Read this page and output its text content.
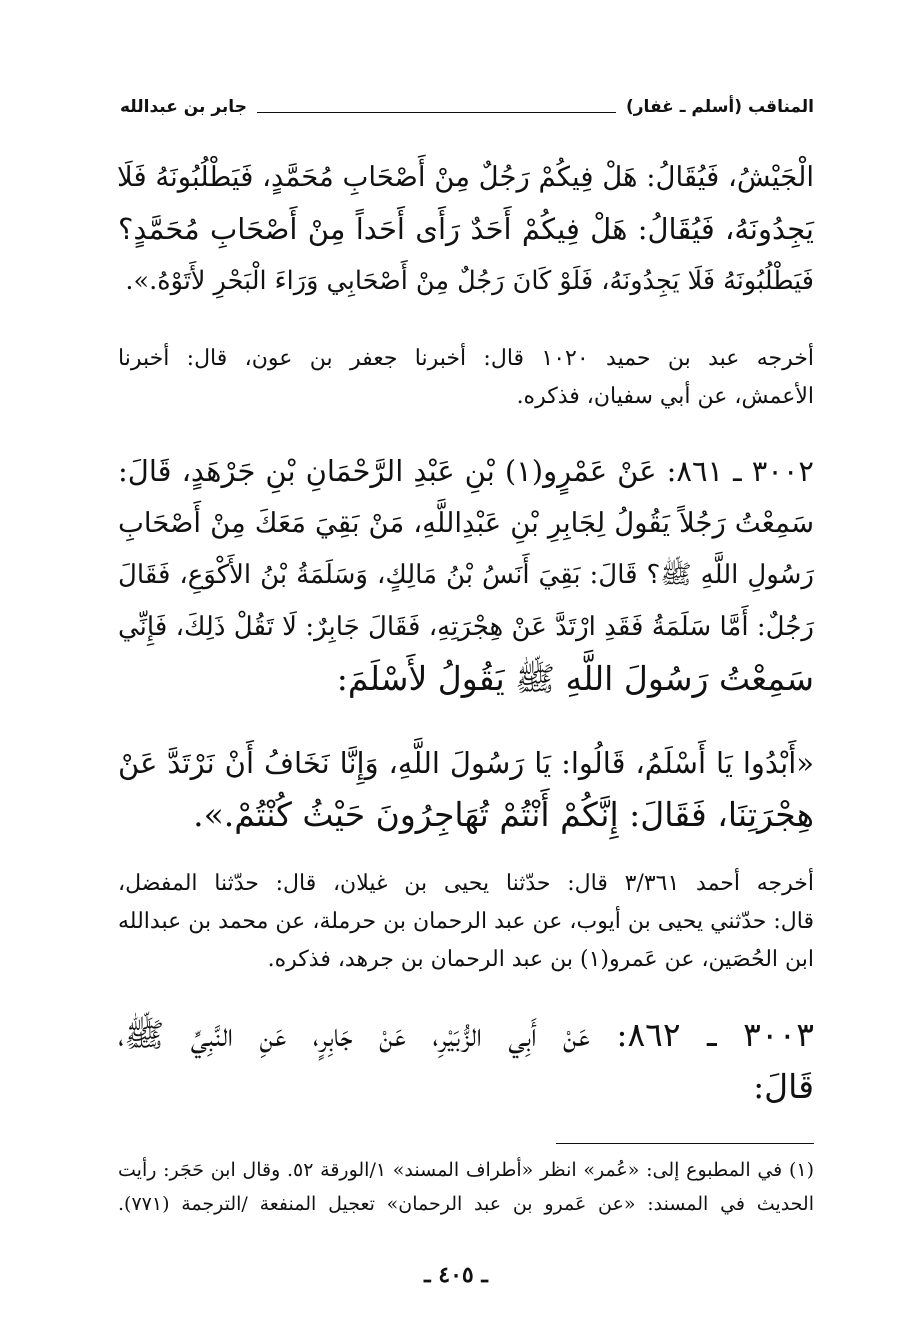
المناقب (أسلم ـ غفار)
جابر بن عبدالله
الْجَيْشُ، فَيُقَالُ: هَلْ فِيكُمْ رَجُلٌ مِنْ أَصْحَابِ مُحَمَّدٍ، فَيَطْلُبُونَهُ فَلَا
يَجِدُونَهُ، فَيُقَالُ: هَلْ فِيكُمْ أَحَدٌ رَأَى أَحَداً مِنْ أَصْحَابِ مُحَمَّدٍ؟
فَيَطْلُبُونَهُ فَلَا يَجِدُونَهُ، فَلَوْ كَانَ رَجُلٌ مِنْ أَصْحَابِي وَرَاءَ الْبَحْرِ لأَتَوْهُ.».
أخرجه عبد بن حميد ١٠٢٠ قال: أخبرنا جعفر بن عون، قال: أخبرنا
الأعمش، عن أبي سفيان، فذكره.
٣٠٠٢ ـ ٨٦١: عَنْ عَمْرٍو(١) بْنِ عَبْدِ الرَّحْمَانِ بْنِ جَرْهَدٍ، قَالَ:
سَمِعْتُ رَجُلاً يَقُولُ لِجَابِرِ بْنِ عَبْدِاللَّهِ، مَنْ بَقِيَ مَعَكَ مِنْ أَصْحَابِ
رَسُولِ اللَّهِ ﷺ؟ قَالَ: بَقِيَ أَنَسُ بْنُ مَالِكٍ، وَسَلَمَةُ بْنُ الأَكْوَعِ، فَقَالَ
رَجُلٌ: أَمَّا سَلَمَةُ فَقَدِ ارْتَدَّ عَنْ هِجْرَتِهِ، فَقَالَ جَابِرٌ: لَا تَقُلْ ذَلِكَ، فَإِنِّي
سَمِعْتُ رَسُولَ اللَّهِ ﷺ يَقُولُ لأَسْلَمَ:
«أَبْدُوا يَا أَسْلَمُ، قَالُوا: يَا رَسُولَ اللَّهِ، وَإِنَّا نَخَافُ أَنْ نَرْتَدَّ عَنْ
هِجْرَتِنَا، فَقَالَ: إِنَّكُمْ أَنْتُمْ تُهَاجِرُونَ حَيْثُ كُنْتُمْ.».
أخرجه أحمد ٣/٣٦١ قال: حدّثنا يحيى بن غيلان، قال: حدّثنا المفضل،
قال: حدّثني يحيى بن أيوب، عن عبد الرحمان بن حرملة، عن محمد بن عبدالله
ابن الحُصَين، عن عَمرو(١) بن عبد الرحمان بن جرهد، فذكره.
٣٠٠٣ ـ ٨٦٢: عَنْ أَبِي الزُّبَيْرِ، عَنْ جَابِرٍ، عَنِ النَّبِيِّ ﷺ،
قَالَ:
(١) في المطبوع إلى: «عُمر» انظر «أطراف المسند» ١/الورقة ٥٢. وقال ابن حَجَر: رأيت
الحديث في المسند: «عن عَمرو بن عبد الرحمان» تعجيل المنفعة /الترجمة (٧٧١).
ـ ٤٠٥ ـ
